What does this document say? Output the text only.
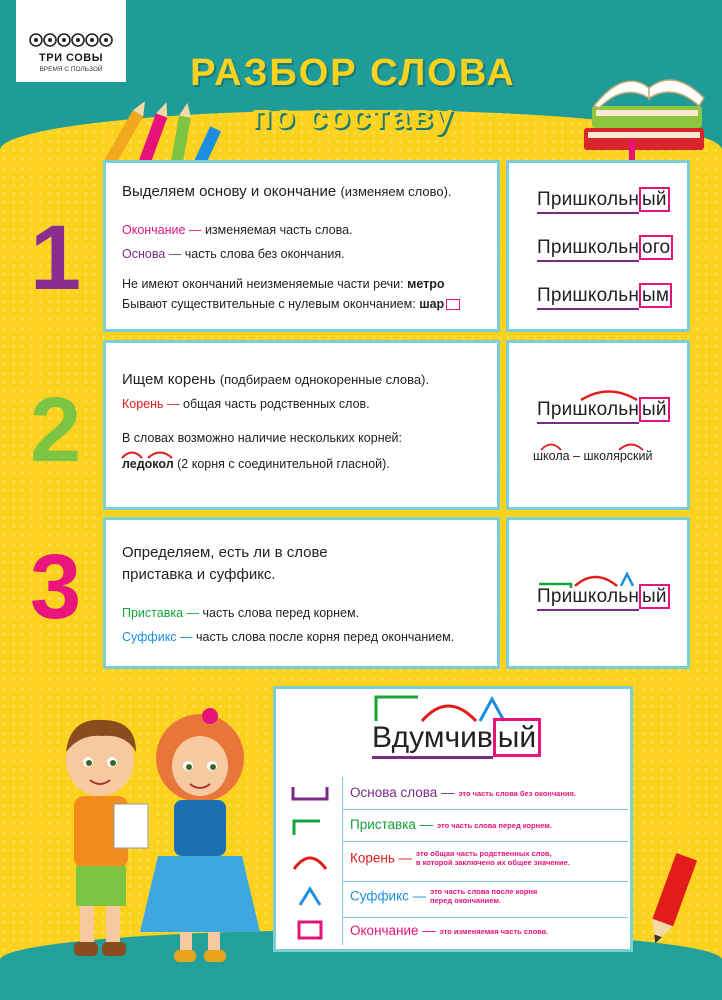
ТРИ СОВЫ
ВРЕМЯ С ПОЛЬЗОЙ	РАЗБОР СЛОВА
по составу
1
2
3
Выделяем основу и окончание (изменяем слово).
Окончание — изменяемая часть слова.
Основа — часть слова без окончания.
Не имеют окончаний неизменяемые части речи: метро
Бывают существительные с нулевым окончанием: шар
Пришкольн ый
Пришкольн ого
Пришкольн ым
Ищем корень (подбираем однокоренные слова).
Корень — общая часть родственных слов.
В словах возможно наличие нескольких корней:
ледокол (2 корня с соединительной гласной).
Пришкольн ый
школа – школярский
Определяем, есть ли в слове
приставка и суффикс.
Приставка — часть слова перед корнем.
Суффикс — часть слова после корня перед окончанием.
Пришкольн ый
Вдумчив ый
Основа слова — это часть слова без окончания.
Приставка — это часть слова перед корнем.
Корень — это общая часть родственных слов,
в которой заключено их общее значение.
Суффикс — это часть слова после корня
перед окончанием.
Окончание — это изменяемая часть слова.
